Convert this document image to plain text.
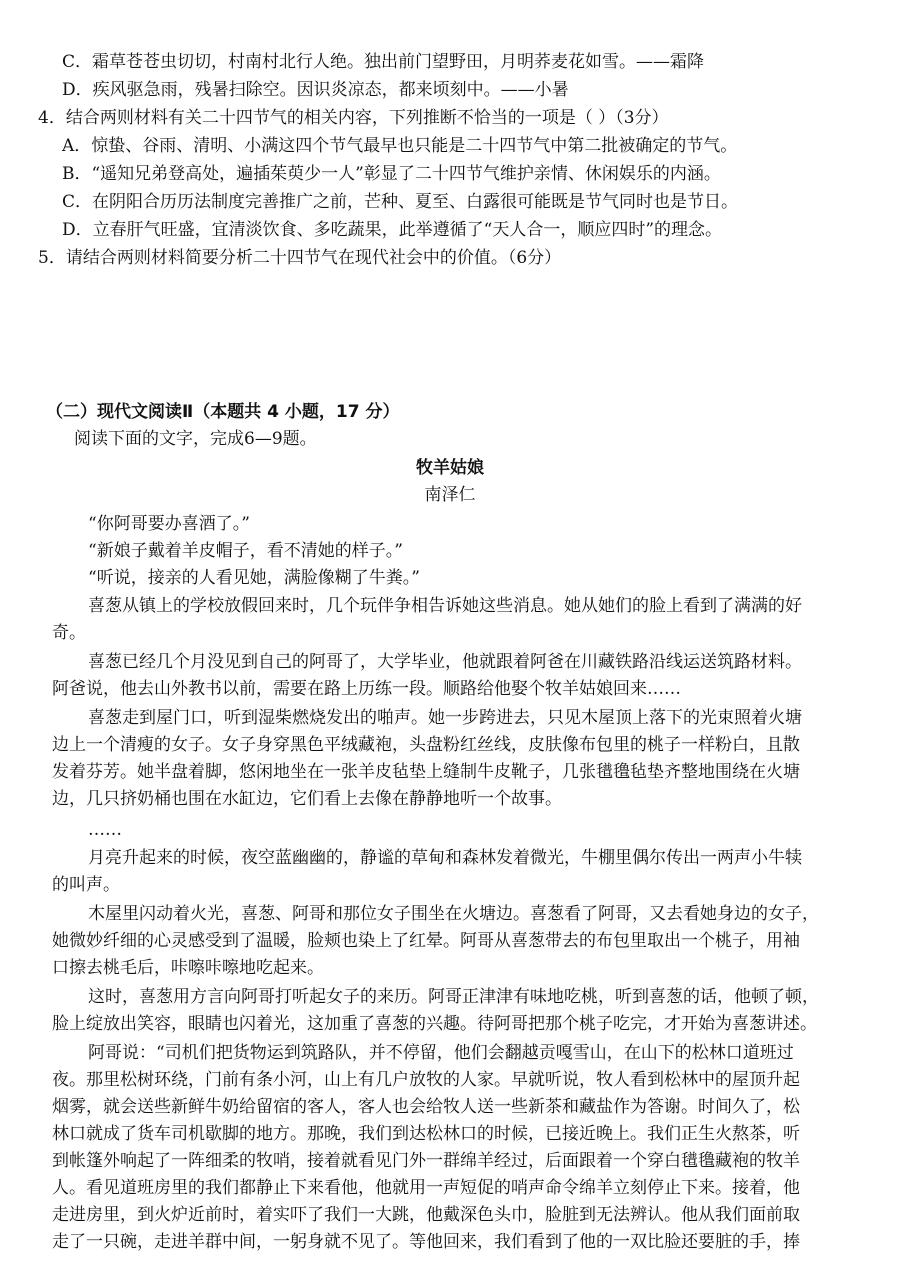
C．霜草苍苍虫切切，村南村北行人绝。独出前门望野田，月明荞麦花如雪。——霜降
D．疾风驱急雨，残暑扫除空。因识炎凉态，都来顷刻中。——小暑
4．结合两则材料有关二十四节气的相关内容，下列推断不恰当的一项是（ ）（3分）
A．惊蛰、谷雨、清明、小满这四个节气最早也只能是二十四节气中第二批被确定的节气。
B．“遥知兄弟登高处，遍插茱萸少一人”彰显了二十四节气维护亲情、休闲娱乐的内涵。
C．在阴阳合历历法制度完善推广之前，芒种、夏至、白露很可能既是节气同时也是节日。
D．立春肝气旺盛，宜清淡饮食、多吃蔬果，此举遵循了“天人合一，顺应四时”的理念。
5．请结合两则材料简要分析二十四节气在现代社会中的价值。（6分）
（二）现代文阅读Ⅱ（本题共 4 小题，17 分）
阅读下面的文字，完成6—9题。
牧羊姑娘
南泽仁
“你阿哥要办喜酒了。”
“新娘子戴着羊皮帽子，看不清她的样子。”
“听说，接亲的人看见她，满脸像糊了牛粪。”
喜葱从镇上的学校放假回来时，几个玩伴争相告诉她这些消息。她从她们的脸上看到了满满的好
奇。
喜葱已经几个月没见到自己的阿哥了，大学毕业，他就跟着阿爸在川藏铁路沿线运送筑路材料。
阿爸说，他去山外教书以前，需要在路上历练一段。顺路给他娶个牧羊姑娘回来……
喜葱走到屋门口，听到湿柴燃烧发出的啪声。她一步跨进去，只见木屋顶上落下的光束照着火塘
边上一个清瘦的女子。女子身穿黑色平绒藏袍，头盘粉红丝线，皮肤像布包里的桃子一样粉白，且散
发着芬芳。她半盘着脚，悠闲地坐在一张羊皮毡垫上缝制牛皮靴子，几张氆氇毡垫齐整地围绕在火塘
边，几只挤奶桶也围在水缸边，它们看上去像在静静地听一个故事。
……
月亮升起来的时候，夜空蓝幽幽的，静谧的草甸和森林发着微光，牛棚里偶尔传出一两声小牛犊
的叫声。
木屋里闪动着火光，喜葱、阿哥和那位女子围坐在火塘边。喜葱看了阿哥，又去看她身边的女子，
她微妙纤细的心灵感受到了温暖，脸颊也染上了红晕。阿哥从喜葱带去的布包里取出一个桃子，用袖
口擦去桃毛后，咔嚓咔嚓地吃起来。
这时，喜葱用方言向阿哥打听起女子的来历。阿哥正津津有味地吃桃，听到喜葱的话，他顿了顿，
脸上绽放出笑容，眼睛也闪着光，这加重了喜葱的兴趣。待阿哥把那个桃子吃完，才开始为喜葱讲述。
阿哥说：“司机们把货物运到筑路队，并不停留，他们会翻越贡嘎雪山，在山下的松林口道班过
夜。那里松树环绕，门前有条小河，山上有几户放牧的人家。早就听说，牧人看到松林中的屋顶升起
烟雾，就会送些新鲜牛奶给留宿的客人，客人也会给牧人送一些新茶和藏盐作为答谢。时间久了，松
林口就成了货车司机歇脚的地方。那晚，我们到达松林口的时候，已接近晚上。我们正生火熬茶，听
到帐篷外响起了一阵细柔的牧哨，接着就看见门外一群绵羊经过，后面跟着一个穿白氆氇藏袍的牧羊
人。看见道班房里的我们都静止下来看他，他就用一声短促的哨声命令绵羊立刻停止下来。接着，他
走进房里，到火炉近前时，着实吓了我们一大跳，他戴深色头巾，脸脏到无法辨认。他从我们面前取
走了一只碗，走进羊群中间，一躬身就不见了。等他回来，我们看到了他的一双比脸还要脏的手，捧
